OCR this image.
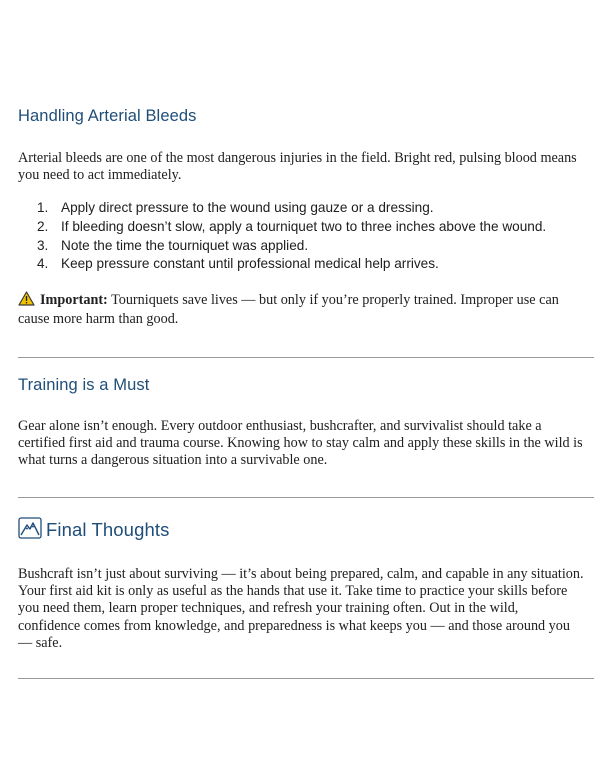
Handling Arterial Bleeds

Arterial bleeds are one of the most dangerous injuries in the field. Bright red, pulsing blood means you need to act immediately.

1. Apply direct pressure to the wound using gauze or a dressing.
2. If bleeding doesn’t slow, apply a tourniquet two to three inches above the wound.
3. Note the time the tourniquet was applied.
4. Keep pressure constant until professional medical help arrives.

Important: Tourniquets save lives — but only if you’re properly trained. Improper use can cause more harm than good.

Training is a Must

Gear alone isn’t enough. Every outdoor enthusiast, bushcrafter, and survivalist should take a certified first aid and trauma course. Knowing how to stay calm and apply these skills in the wild is what turns a dangerous situation into a survivable one.

Final Thoughts

Bushcraft isn’t just about surviving — it’s about being prepared, calm, and capable in any situation. Your first aid kit is only as useful as the hands that use it. Take time to practice your skills before you need them, learn proper techniques, and refresh your training often. Out in the wild, confidence comes from knowledge, and preparedness is what keeps you — and those around you — safe.
